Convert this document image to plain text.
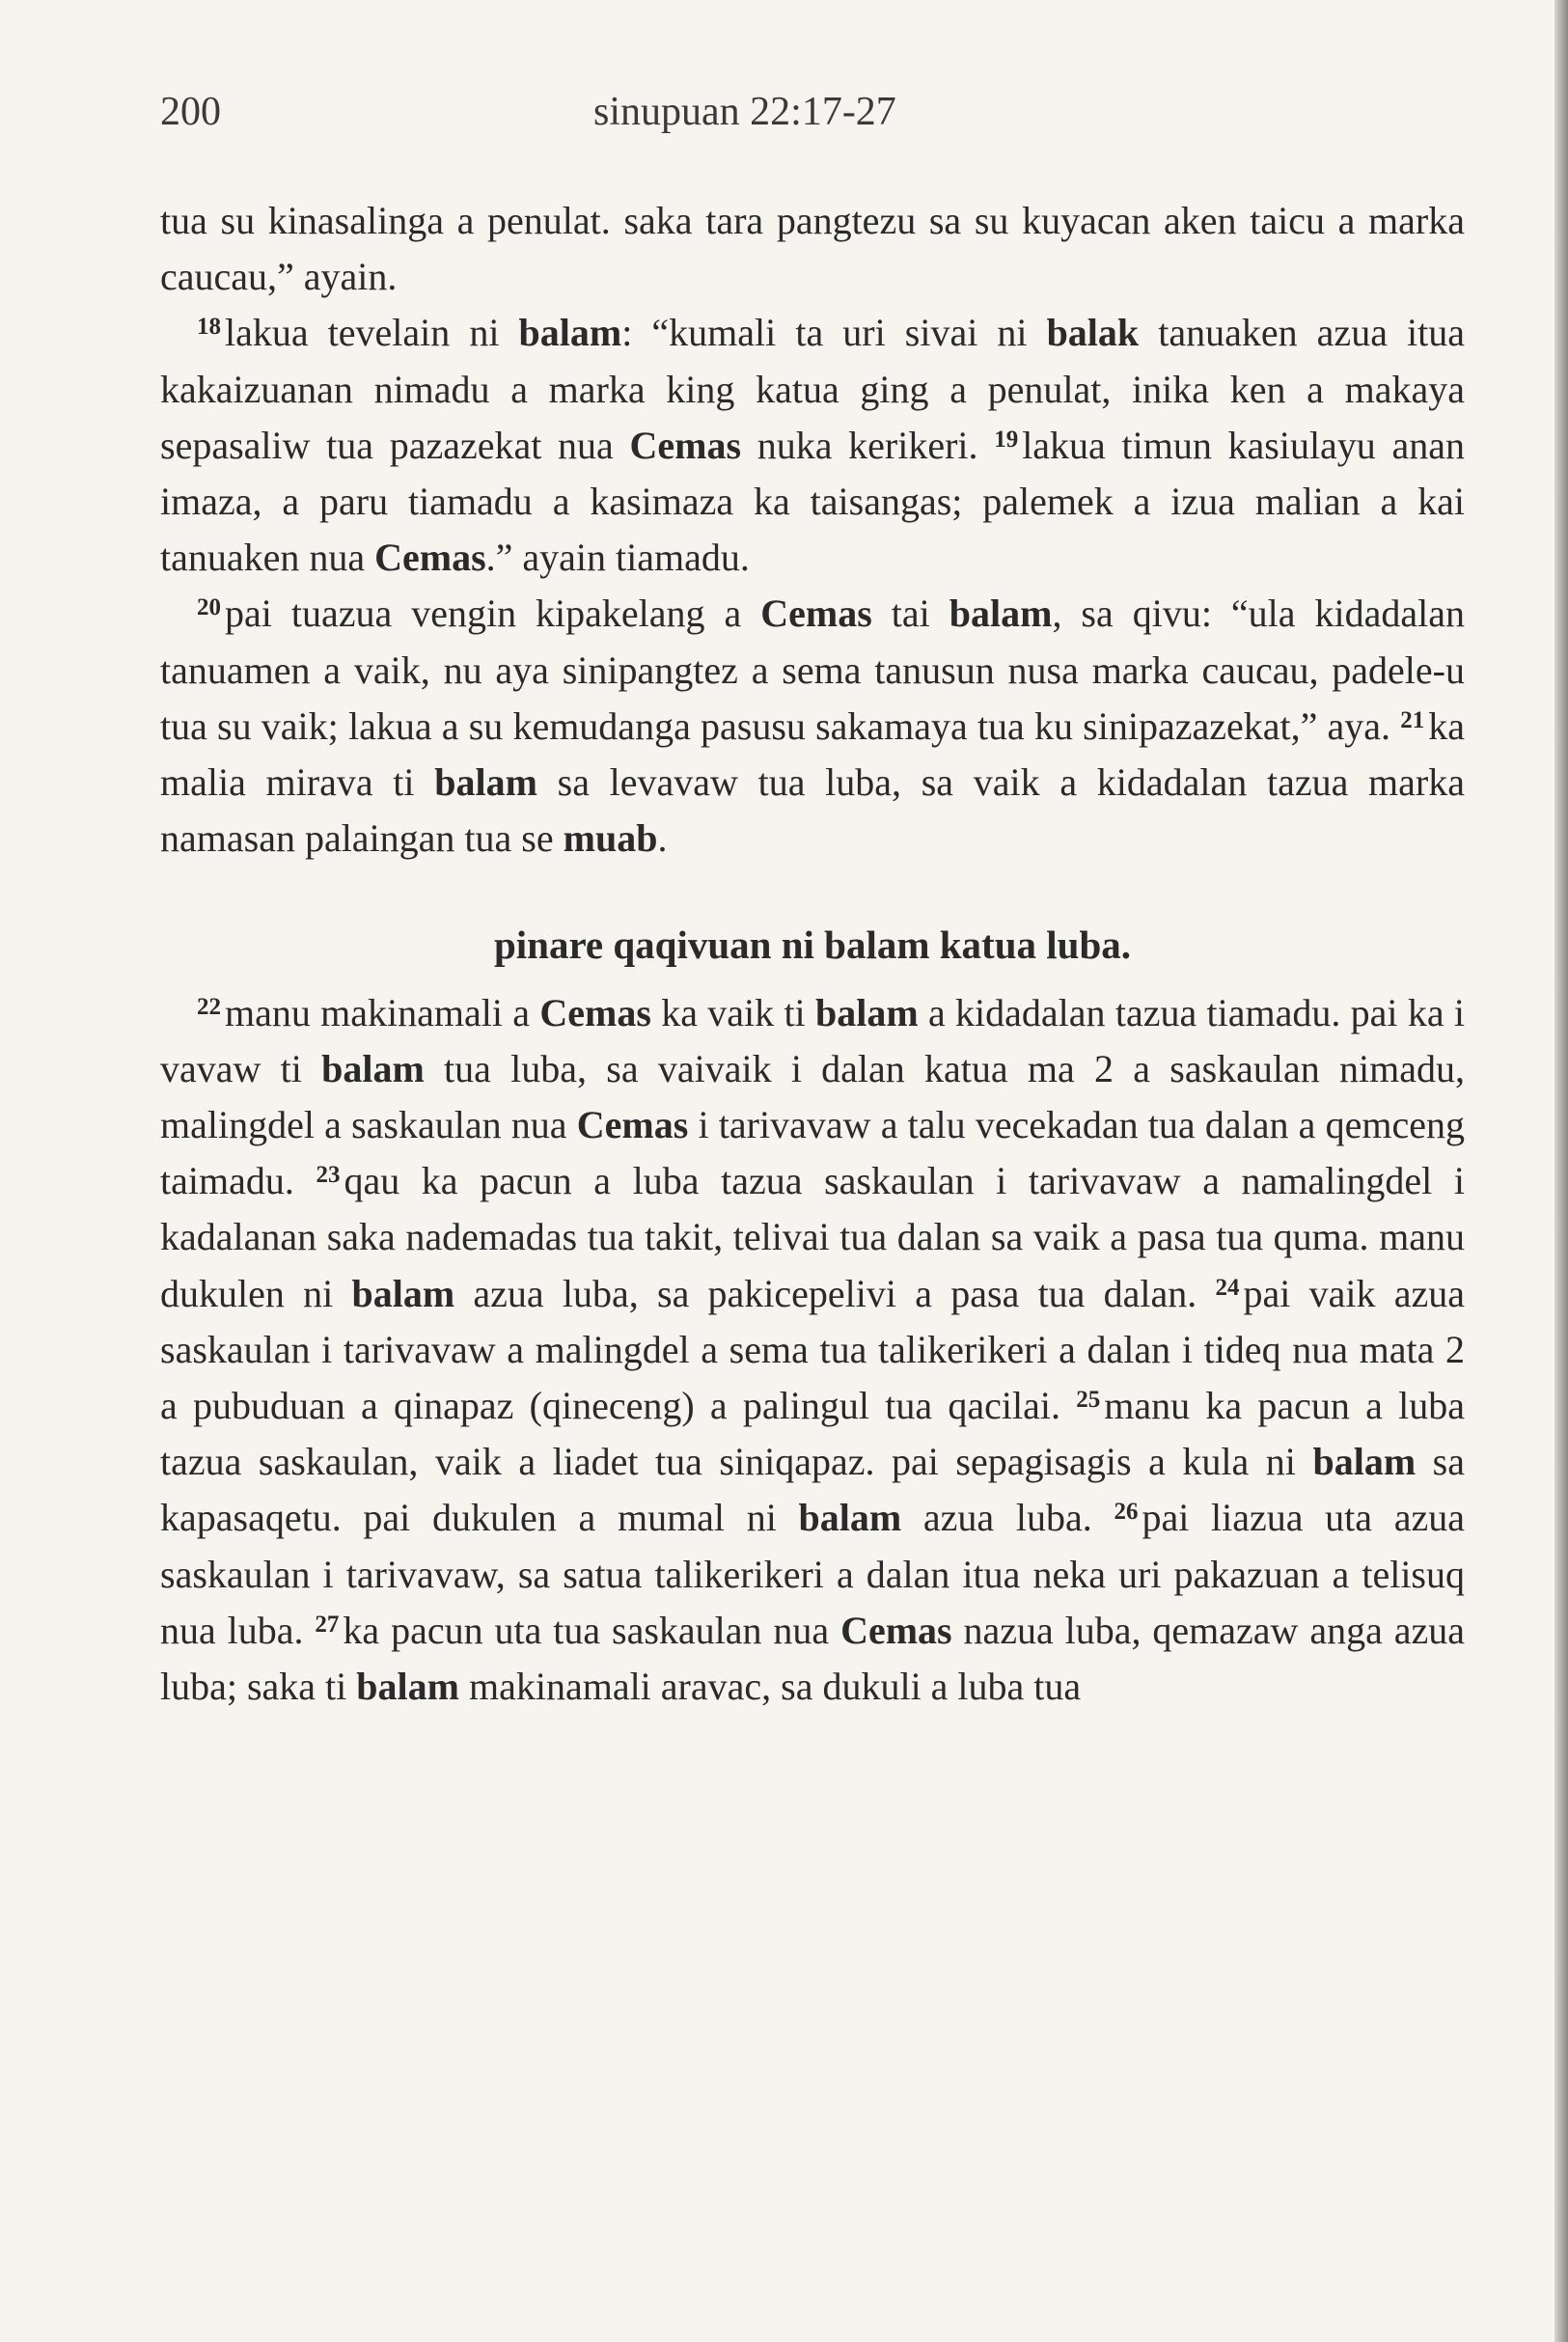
200	sinupuan 22:17-27

tua su kinasalinga a penulat. saka tara pangtezu sa su kuyacan aken taicu a marka caucau,” ayain.

$^{18}$ lakua tevelain ni balam: “kumali ta uri sivai ni balak tanuaken azua itua kakaizuanan nimadu a marka king katua ging a penulat, inika ken a makaya sepasaliw tua pazazekat nua Cemas nuka kerikeri. $^{19}$ lakua timun kasiulayu anan imaza, a paru tiamadu a kasimaza ka taisangas; palemek a izua malian a kai tanuaken nua Cemas.” ayain tiamadu.

$^{20}$ pai tuazua vengin kipakelang a Cemas tai balam, sa qivu: “ula kidadalan tanuamen a vaik, nu aya sinipangtez a sema tanusun nusa marka caucau, padele-u tua su vaik; lakua a su kemudanga pasusu sakamaya tua ku sinipazazekat,” aya. $^{21}$ ka malia mirava ti balam sa levavaw tua luba, sa vaik a kidadalan tazua marka namasan palaingan tua se muab.

pinare qaqivuan ni balam katua luba.

$^{22}$ manu makinamali a Cemas ka vaik ti balam a kidadalan tazua tiamadu. pai ka i vavaw ti balam tua luba, sa vaivaik i dalan katua ma 2 a saskaulan nimadu, malingdel a saskaulan nua Cemas i tarivavaw a talu vecekadan tua dalan a qemceng taimadu. $^{23}$ qau ka pacun a luba tazua saskaulan i tarivavaw a namalingdel i kadalanan saka nademadas tua takit, telivai tua dalan sa vaik a pasa tua quma. manu dukulen ni balam azua luba, sa pakicepelivi a pasa tua dalan. $^{24}$ pai vaik azua saskaulan i tarivavaw a malingdel a sema tua talikerikeri a dalan i tideq nua mata 2 a pubuduan a qinapaz (qineceng) a palingul tua qacilai. $^{25}$ manu ka pacun a luba tazua saskaulan, vaik a liadet tua siniqapaz. pai sepagisagis a kula ni balam sa kapasaqetu. pai dukulen a mumal ni balam azua luba. $^{26}$ pai liazua uta azua saskaulan i tarivavaw, sa satua talikerikeri a dalan itua neka uri pakazuan a telisuq nua luba. $^{27}$ ka pacun uta tua saskaulan nua Cemas nazua luba, qemazaw anga azua luba; saka ti balam makinamali aravac, sa dukuli a luba tua
